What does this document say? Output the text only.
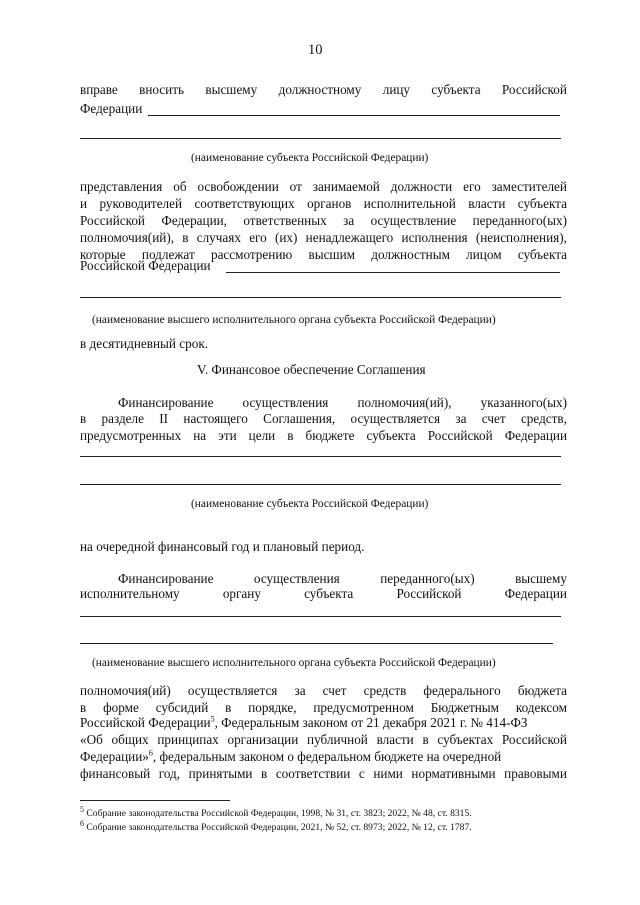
10
вправе вносить высшему должностному лицу субъекта Российской
Федерации
(наименование субъекта Российской Федерации)
представления об освобождении от занимаемой должности его заместителей
и руководителей соответствующих органов исполнительной власти субъекта
Российской Федерации, ответственных за осуществление переданного(ых)
полномочия(ий), в случаях его (их) ненадлежащего исполнения (неисполнения),
которые подлежат рассмотрению высшим должностным лицом субъекта
Российской Федерации
(наименование высшего исполнительного органа субъекта Российской Федерации)
в десятидневный срок.
V. Финансовое обеспечение Соглашения
Финансирование осуществления полномочия(ий), указанного(ых)
в разделе II настоящего Соглашения, осуществляется за счет средств,
предусмотренных на эти цели в бюджете субъекта Российской Федерации
(наименование субъекта Российской Федерации)
на очередной финансовый год и плановый период.
Финансирование	осуществления	переданного(ых)	высшему
исполнительному	органу	субъекта	Российской	Федерации
(наименование высшего исполнительного органа субъекта Российской Федерации)
полномочия(ий) осуществляется за счет средств федерального бюджета
в форме субсидий в порядке, предусмотренном Бюджетным кодексом
Российской Федерации$^5$, Федеральным законом от 21 декабря 2021 г. № 414-ФЗ
«Об общих принципах организации публичной власти в субъектах Российской
Федерации»$^6$, федеральным законом о федеральном бюджете на очередной
финансовый год, принятыми в соответствии с ними нормативными правовыми
$^5$ Собрание законодательства Российской Федерации, 1998, № 31, ст. 3823; 2022, № 48, ст. 8315.
$^6$ Собрание законодательства Российской Федерации, 2021, № 52, ст. 8973; 2022, № 12, ст. 1787.
